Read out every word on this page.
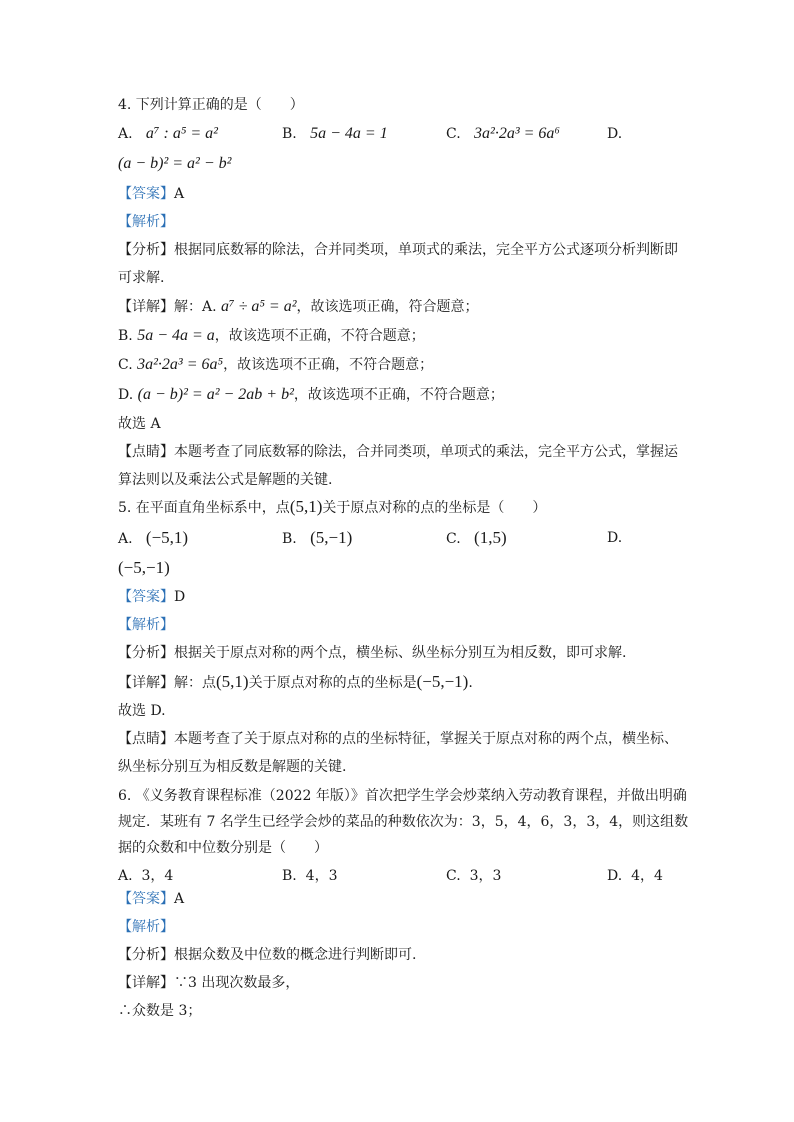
4. 下列计算正确的是（　　）
A. a⁷ : a⁵ = a²	B. 5a − 4a = 1	C. 3a²·2a³ = 6a⁶	D.
(a − b)² = a² − b²
【答案】A
【解析】
【分析】根据同底数幂的除法，合并同类项，单项式的乘法，完全平方公式逐项分析判断即
可求解.
【详解】解：A. a⁷ ÷ a⁵ = a²，故该选项正确，符合题意；
B. 5a − 4a = a，故该选项不正确，不符合题意；
C. 3a²·2a³ = 6a⁵，故该选项不正确，不符合题意；
D. (a − b)² = a² − 2ab + b²，故该选项不正确，不符合题意；
故选 A
【点睛】本题考查了同底数幂的除法，合并同类项，单项式的乘法，完全平方公式，掌握运
算法则以及乘法公式是解题的关键.
5. 在平面直角坐标系中，点(5,1)关于原点对称的点的坐标是（　　）
A. (−5,1)	B. (5,−1)	C. (1,5)	D.
(−5,−1)
【答案】D
【解析】
【分析】根据关于原点对称的两个点，横坐标、纵坐标分别互为相反数，即可求解.
【详解】解：点(5,1)关于原点对称的点的坐标是(−5,−1).
故选 D.
【点睛】本题考查了关于原点对称的点的坐标特征，掌握关于原点对称的两个点，横坐标、
纵坐标分别互为相反数是解题的关键.
6. 《义务教育课程标准（2022 年版）》首次把学生学会炒菜纳入劳动教育课程，并做出明确
规定．某班有 7 名学生已经学会炒的菜品的种数依次为：3，5，4，6，3，3，4，则这组数
据的众数和中位数分别是（　　）
A. 3，4	B. 4，3	C. 3，3	D. 4，4
【答案】A
【解析】
【分析】根据众数及中位数的概念进行判断即可.
【详解】∵3 出现次数最多，
∴众数是 3；
